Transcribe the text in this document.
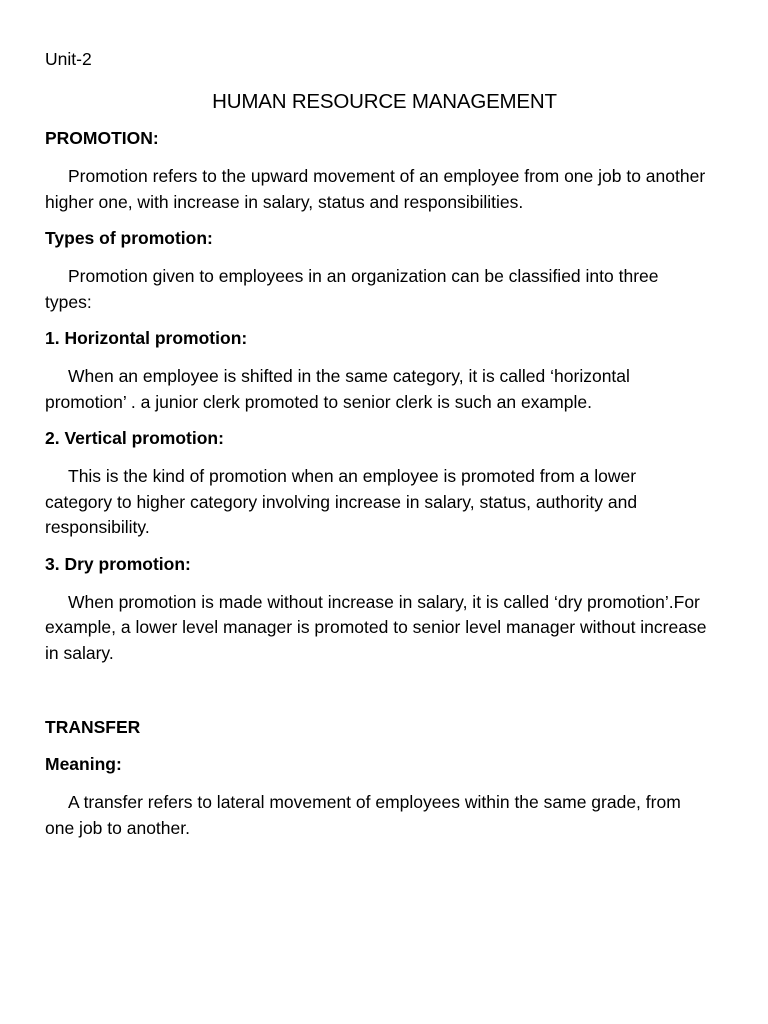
Unit-2
HUMAN RESOURCE MANAGEMENT
PROMOTION:

Promotion refers to the upward movement of an employee from one job to another higher one, with increase in salary, status and responsibilities.

Types of promotion:

Promotion given to employees in an organization can be classified into three types:

1. Horizontal promotion:

When an employee is shifted in the same category, it is called ‘horizontal promotion’ . a junior clerk promoted to senior clerk is such an example.

2. Vertical promotion:

This is the kind of promotion when an employee is promoted from a lower category to higher category involving increase in salary, status, authority and responsibility.

3. Dry promotion:

When promotion is made without increase in salary, it is called ‘dry promotion’.For example, a lower level manager is promoted to senior level manager without increase in salary.

TRANSFER
Meaning:

A transfer refers to lateral movement of employees within the same grade, from one job to another.
